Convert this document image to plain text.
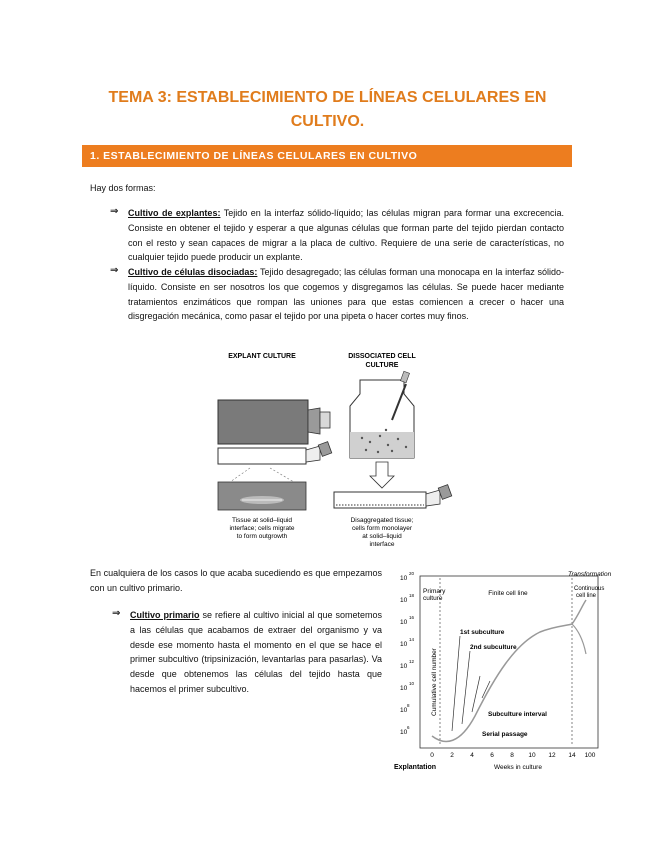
TEMA 3: ESTABLECIMIENTO DE LÍNEAS CELULARES EN CULTIVO.
1. ESTABLECIMIENTO DE LÍNEAS CELULARES EN CULTIVO
Hay dos formas:
⇒ Cultivo de explantes: Tejido en la interfaz sólido-líquido; las células migran para formar una excrecencia. Consiste en obtener el tejido y esperar a que algunas células que forman parte del tejido pierdan contacto con el resto y sean capaces de migrar a la placa de cultivo. Requiere de una serie de características, no cualquier tejido puede producir un explante.
⇒ Cultivo de células disociadas: Tejido desagregado; las células forman una monocapa en la interfaz sólido-líquido. Consiste en ser nosotros los que cogemos y disgregamos las células. Se puede hacer mediante tratamientos enzimáticos que rompan las uniones para que estas comiencen a crecer o hacer una disgregación mecánica, como pasar el tejido por una pipeta o hacer cortes muy finos.
EXPLANT CULTURE	DISSOCIATED CELL
CULTURE
Tissue at solid–liquid interface; cells migrate to form outgrowth
Disaggregated tissue; cells form monolayer at solid–liquid interface
En cualquiera de los casos lo que acaba sucediendo es que empezamos con un cultivo primario.
⇒ Cultivo primario se refiere al cultivo inicial al que sometemos a las células que acabamos de extraer del organismo y va desde ese momento hasta el momento en el que se hace el primer subcultivo (tripsinización, levantarlas para pasarlas). Va desde que obtenemos las células del tejido hasta que hacemos el primer subcultivo.
10
20
10
18
10
16
10
14
10
12
10
10
10
8
10
6
Cumulative cell number
0	2	4	6	8 10 12 14 100
Explantation	Weeks in culture
Transformation
Primary culture
Finite cell line
Continuous cell line
1st subculture
2nd subculture
Subculture interval
Serial passage
